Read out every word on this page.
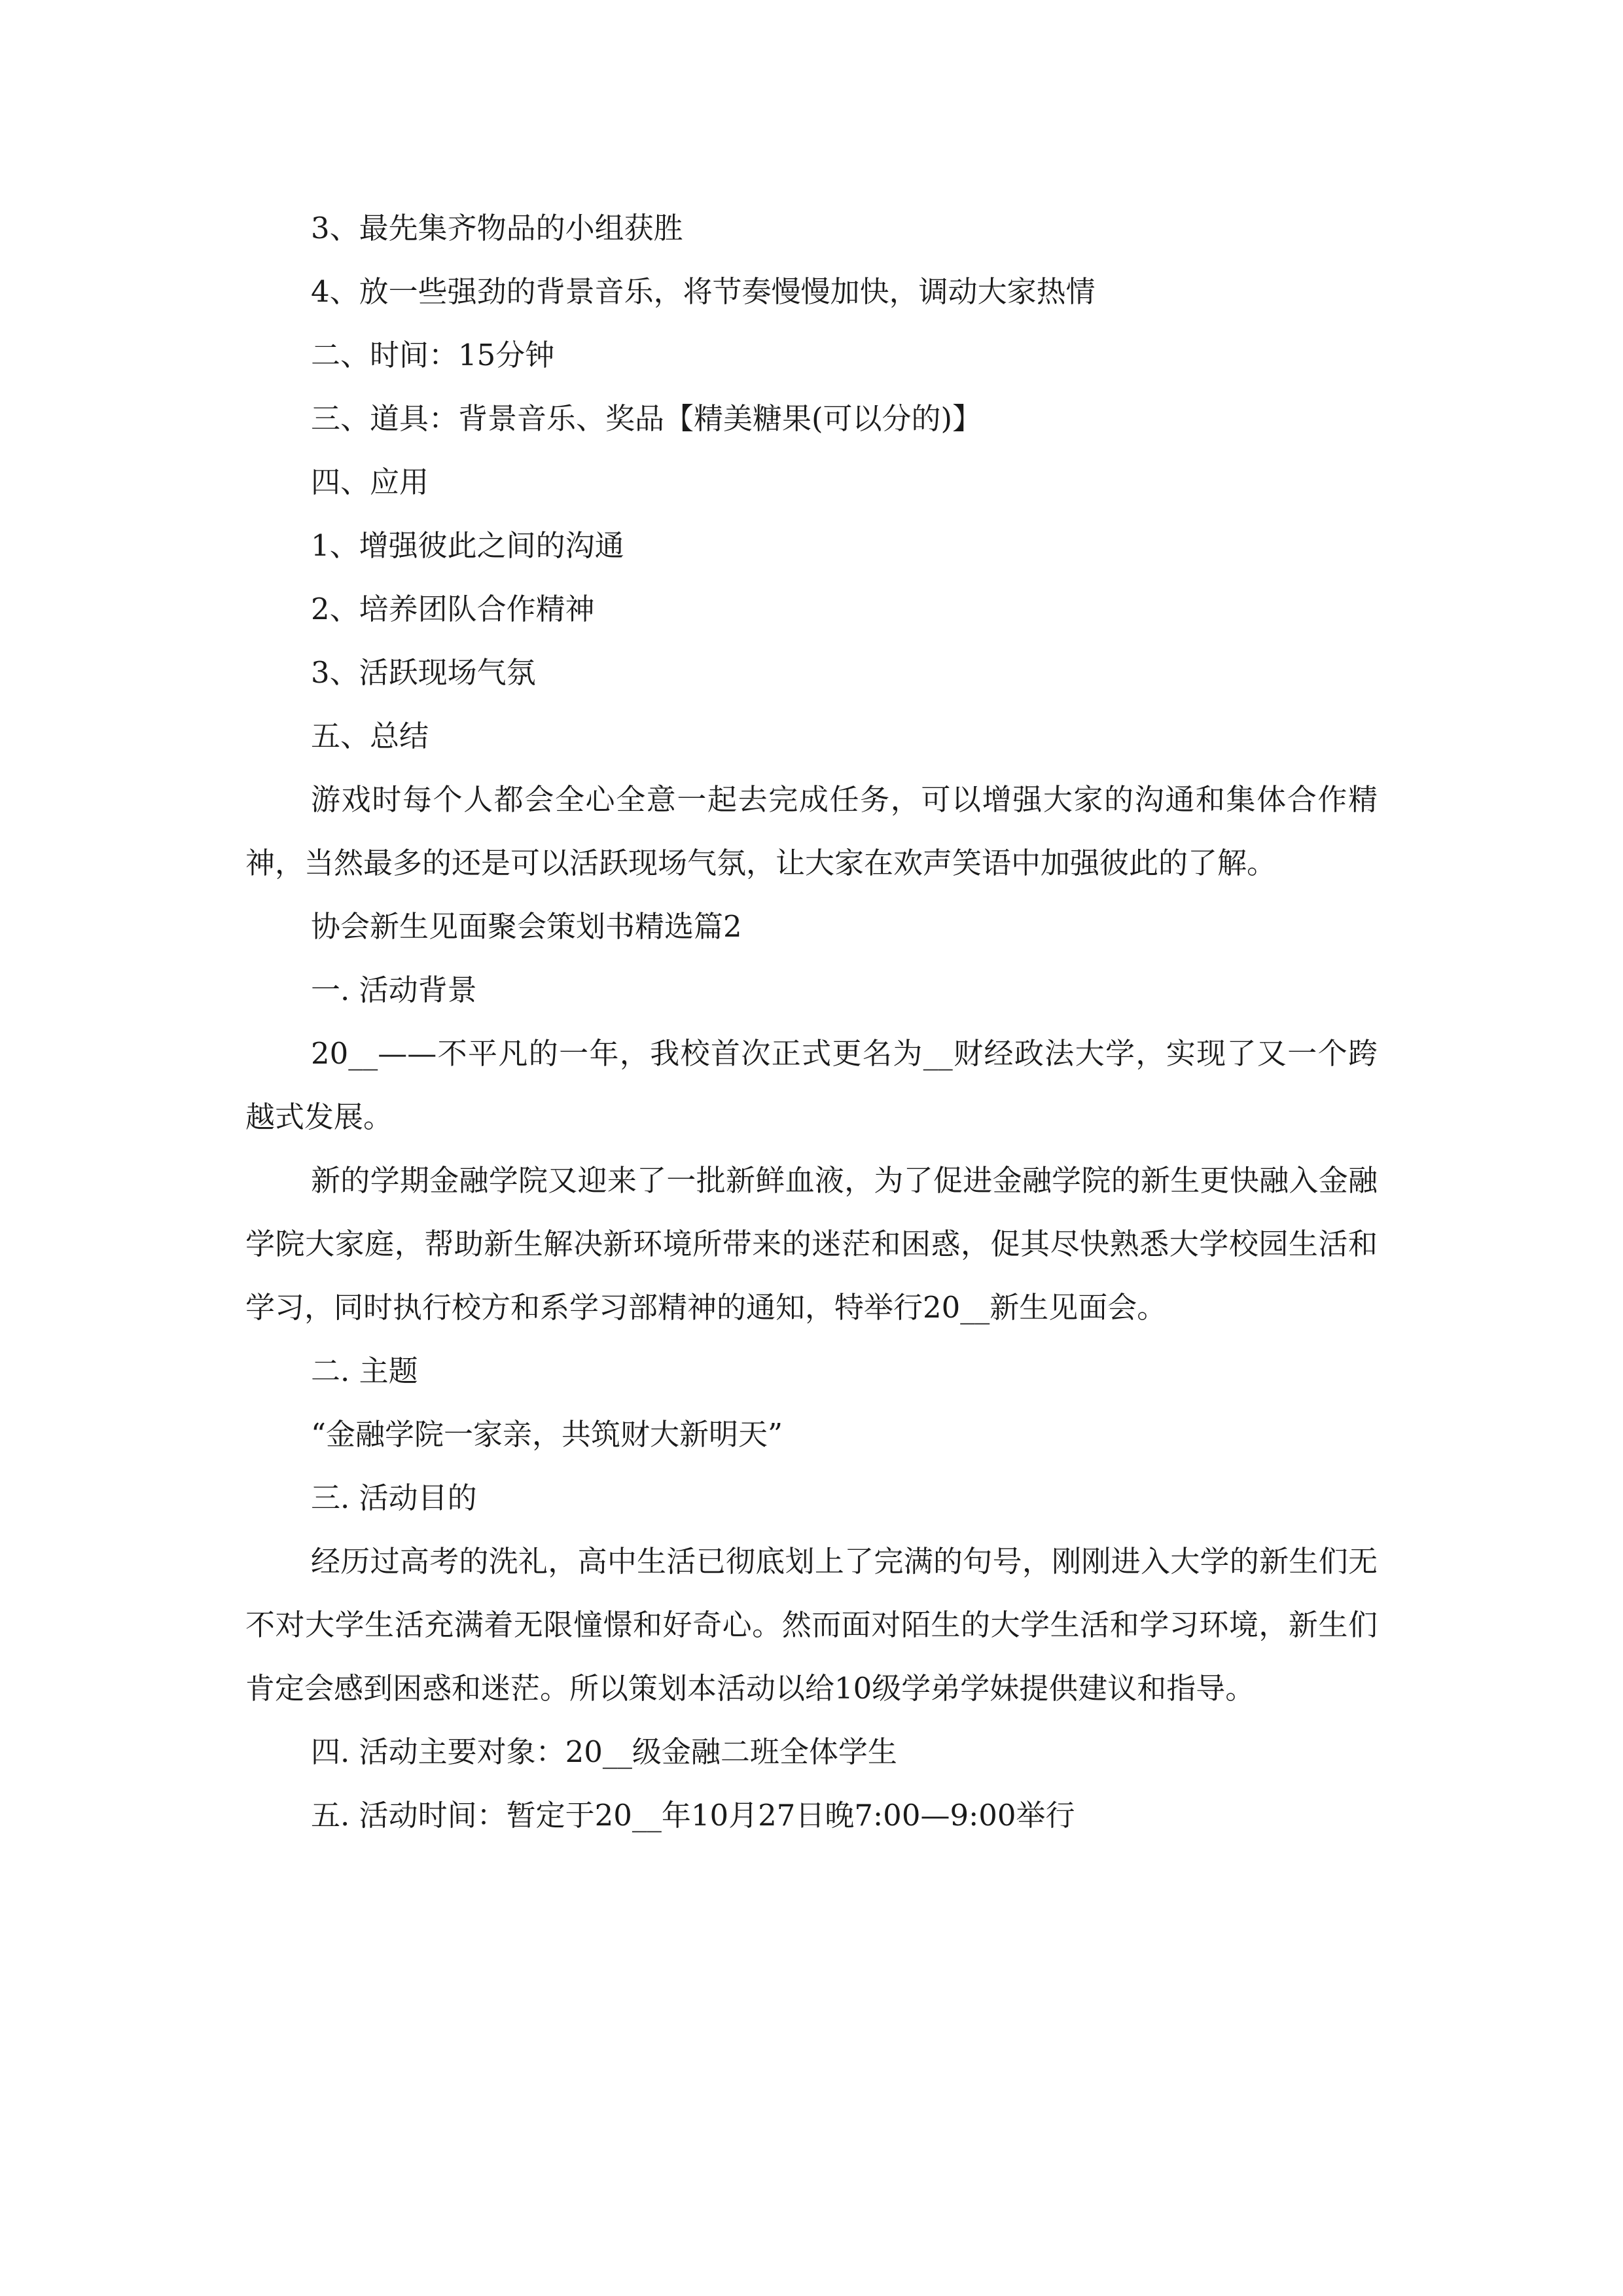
3、最先集齐物品的小组获胜

4、放一些强劲的背景音乐，将节奏慢慢加快，调动大家热情

二、时间：15分钟

三、道具：背景音乐、奖品【精美糖果(可以分的)】

四、应用

1、增强彼此之间的沟通

2、培养团队合作精神

3、活跃现场气氛

五、总结

游戏时每个人都会全心全意一起去完成任务，可以增强大家的沟通和集体合作精神，当然最多的还是可以活跃现场气氛，让大家在欢声笑语中加强彼此的了解。

协会新生见面聚会策划书精选篇2

一. 活动背景

20__——不平凡的一年，我校首次正式更名为__财经政法大学，实现了又一个跨越式发展。

新的学期金融学院又迎来了一批新鲜血液，为了促进金融学院的新生更快融入金融学院大家庭，帮助新生解决新环境所带来的迷茫和困惑，促其尽快熟悉大学校园生活和学习，同时执行校方和系学习部精神的通知，特举行20__新生见面会。

二. 主题

“金融学院一家亲，共筑财大新明天”

三. 活动目的

经历过高考的洗礼，高中生活已彻底划上了完满的句号，刚刚进入大学的新生们无不对大学生活充满着无限憧憬和好奇心。然而面对陌生的大学生活和学习环境，新生们肯定会感到困惑和迷茫。所以策划本活动以给10级学弟学妹提供建议和指导。

四. 活动主要对象：20__级金融二班全体学生

五. 活动时间：暂定于20__年10月27日晚7:00—9:00举行
